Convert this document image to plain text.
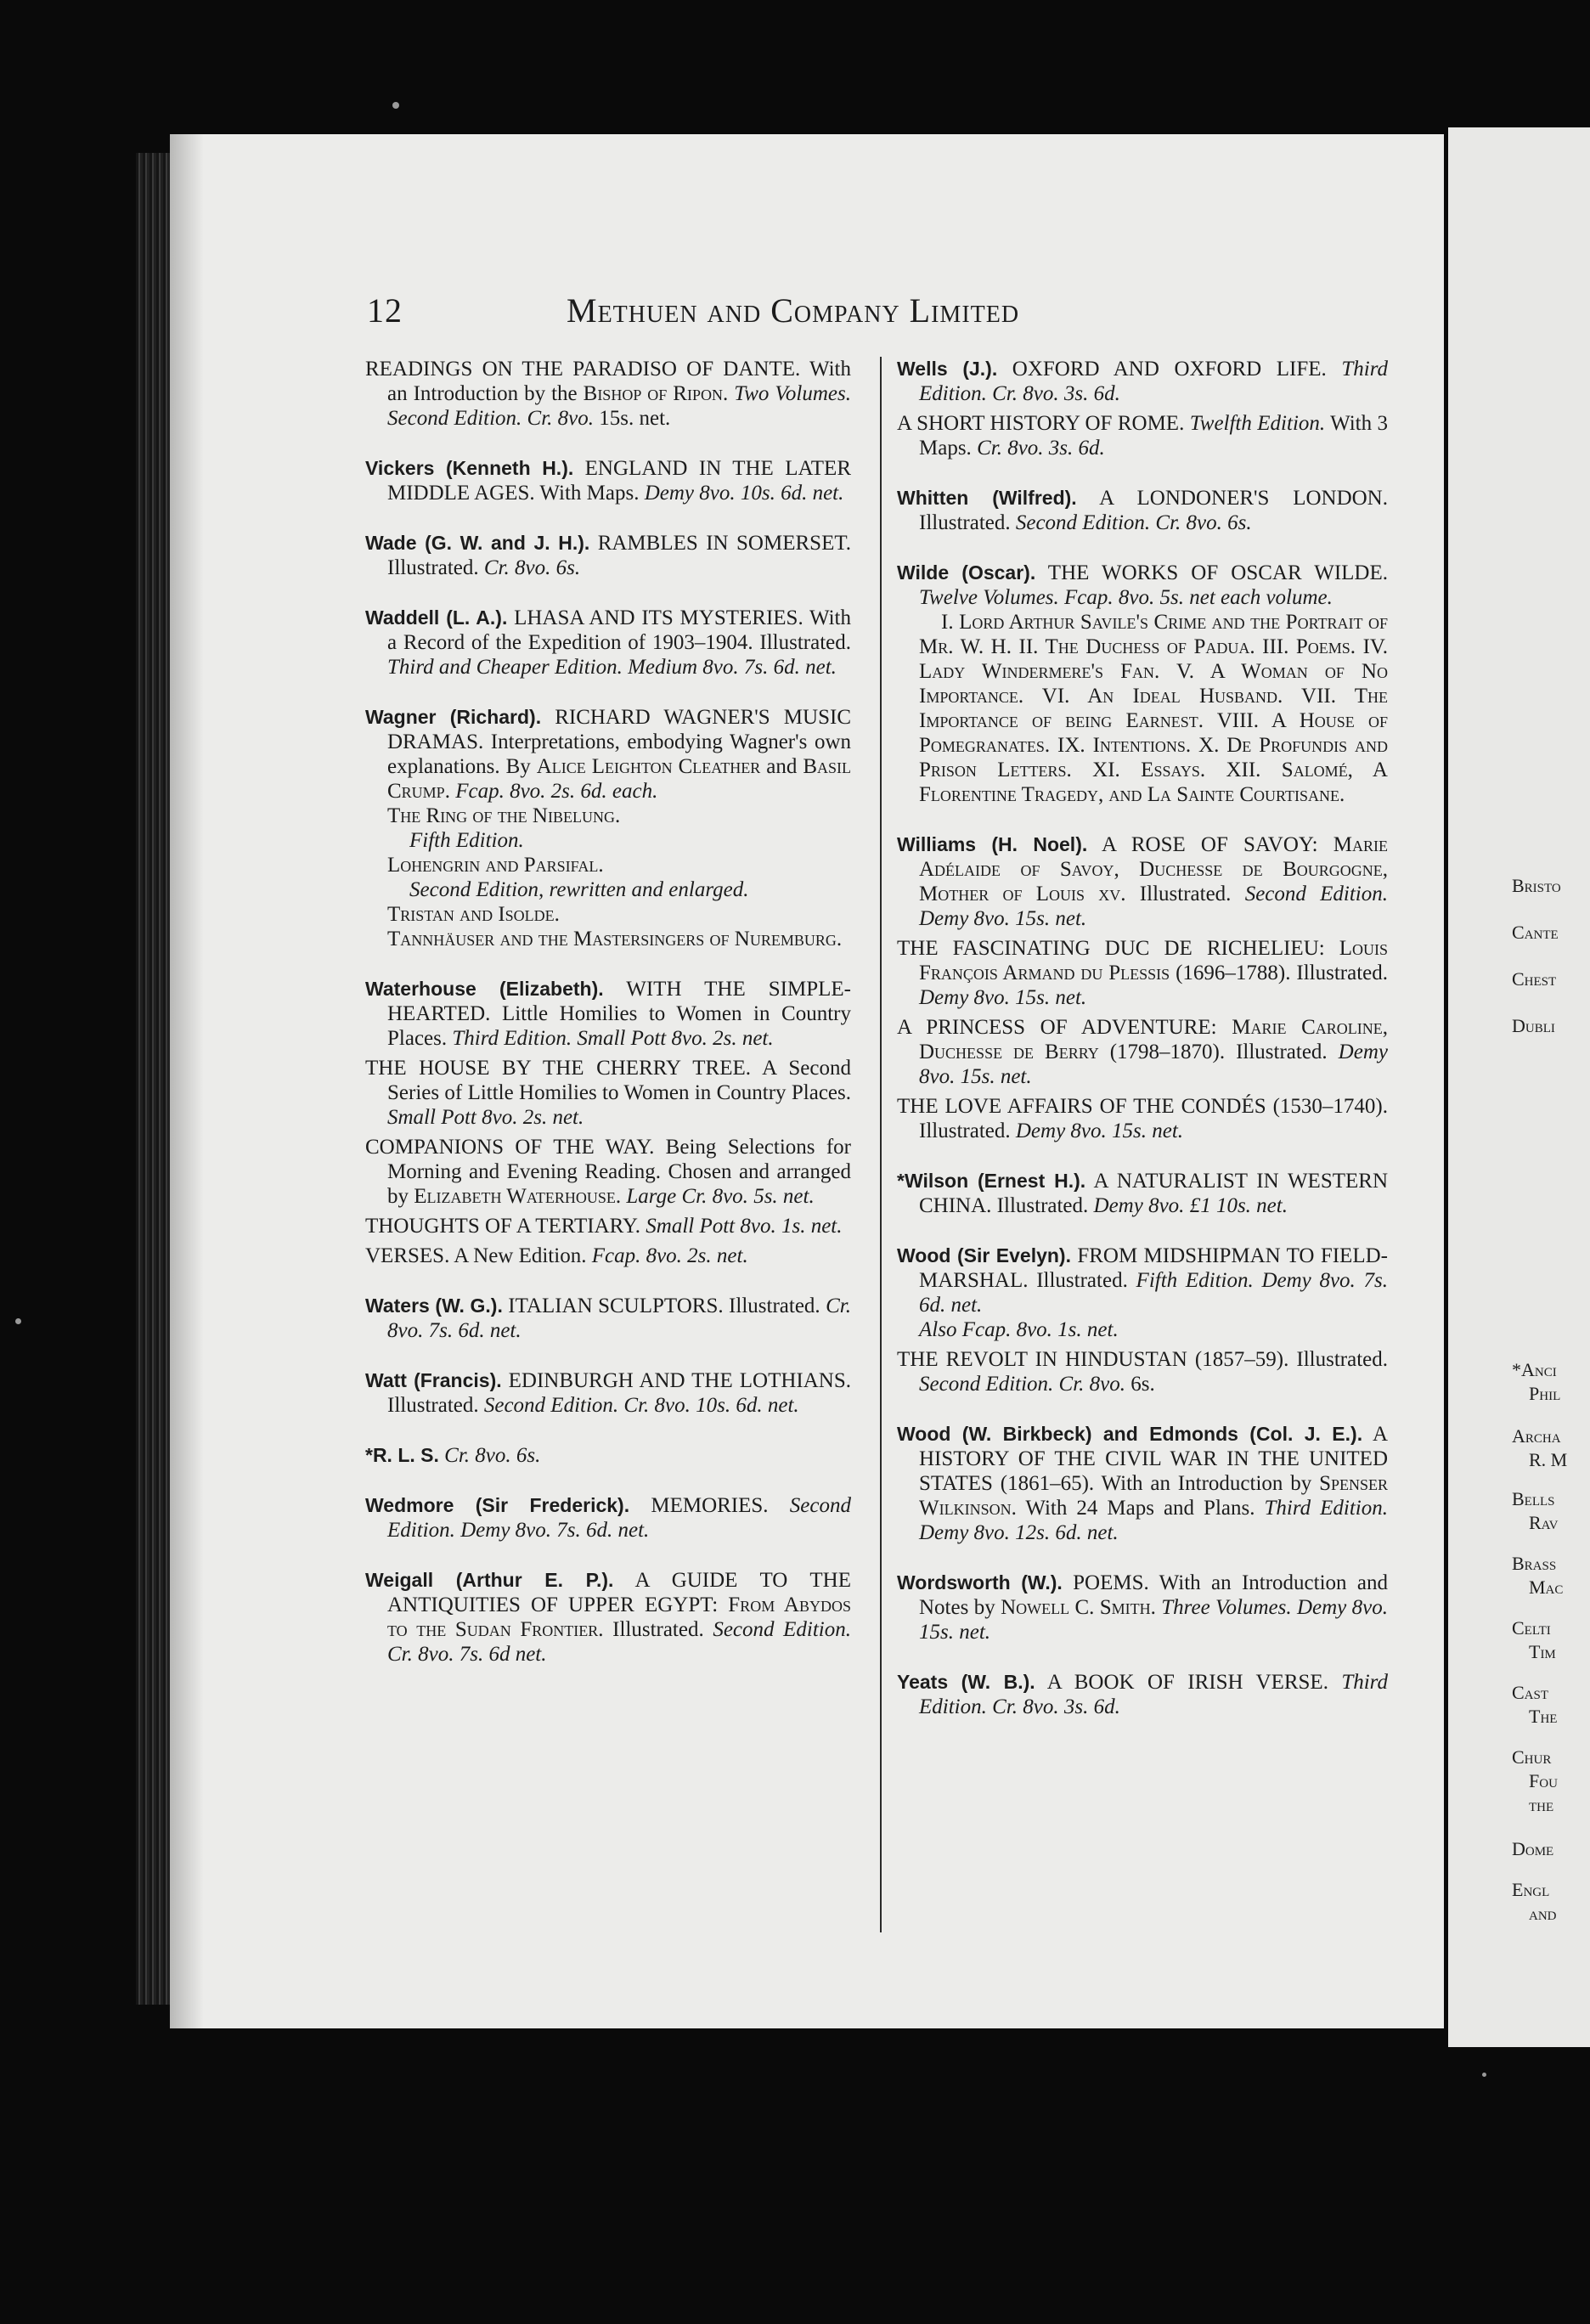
12	Methuen and Company Limited

READINGS ON THE PARADISO OF DANTE. With an Introduction by the Bishop of Ripon. Two Volumes. Second Edition. Cr. 8vo. 15s. net.

Vickers (Kenneth H.). ENGLAND IN THE LATER MIDDLE AGES. With Maps. Demy 8vo. 10s. 6d. net.

Wade (G. W. and J. H.). RAMBLES IN SOMERSET. Illustrated. Cr. 8vo. 6s.

Waddell (L. A.). LHASA AND ITS MYSTERIES. With a Record of the Expedition of 1903–1904. Illustrated. Third and Cheaper Edition. Medium 8vo. 7s. 6d. net.

Wagner (Richard). RICHARD WAGNER'S MUSIC DRAMAS. Interpretations, embodying Wagner's own explanations. By Alice Leighton Cleather and Basil Crump. Fcap. 8vo. 2s. 6d. each.

The Ring of the Nibelung.
Fifth Edition.
Lohengrin and Parsifal.
Second Edition, rewritten and enlarged.
Tristan and Isolde.
Tannhäuser and the Mastersingers of Nuremburg.

Waterhouse (Elizabeth). WITH THE SIMPLE-HEARTED. Little Homilies to Women in Country Places. Third Edition. Small Pott 8vo. 2s. net.

THE HOUSE BY THE CHERRY TREE. A Second Series of Little Homilies to Women in Country Places. Small Pott 8vo. 2s. net.

COMPANIONS OF THE WAY. Being Selections for Morning and Evening Reading. Chosen and arranged by Elizabeth Waterhouse. Large Cr. 8vo. 5s. net.

THOUGHTS OF A TERTIARY. Small Pott 8vo. 1s. net.

VERSES. A New Edition. Fcap. 8vo. 2s. net.

Waters (W. G.). ITALIAN SCULPTORS. Illustrated. Cr. 8vo. 7s. 6d. net.

Watt (Francis). EDINBURGH AND THE LOTHIANS. Illustrated. Second Edition. Cr. 8vo. 10s. 6d. net.

*R. L. S. Cr. 8vo. 6s.

Wedmore (Sir Frederick). MEMORIES. Second Edition. Demy 8vo. 7s. 6d. net.

Weigall (Arthur E. P.). A GUIDE TO THE ANTIQUITIES OF UPPER EGYPT: From Abydos to the Sudan Frontier. Illustrated. Second Edition. Cr. 8vo. 7s. 6d net.

Wells (J.). OXFORD AND OXFORD LIFE. Third Edition. Cr. 8vo. 3s. 6d.

A SHORT HISTORY OF ROME. Twelfth Edition. With 3 Maps. Cr. 8vo. 3s. 6d.

Whitten (Wilfred). A LONDONER'S LONDON. Illustrated. Second Edition. Cr. 8vo. 6s.

Wilde (Oscar). THE WORKS OF OSCAR WILDE. Twelve Volumes. Fcap. 8vo. 5s. net each volume.

I. Lord Arthur Savile's Crime and the Portrait of Mr. W. H. II. The Duchess of Padua. III. Poems. IV. Lady Windermere's Fan. V. A Woman of No Importance. VI. An Ideal Husband. VII. The Importance of being Earnest. VIII. A House of Pomegranates. IX. Intentions. X. De Profundis and Prison Letters. XI. Essays. XII. Salomé, A Florentine Tragedy, and La Sainte Courtisane.

Williams (H. Noel). A ROSE OF SAVOY: Marie Adélaide of Savoy, Duchesse de Bourgogne, Mother of Louis xv. Illustrated. Second Edition. Demy 8vo. 15s. net.

THE FASCINATING DUC DE RICHELIEU: Louis François Armand du Plessis (1696–1788). Illustrated. Demy 8vo. 15s. net.

A PRINCESS OF ADVENTURE: Marie Caroline, Duchesse de Berry (1798–1870). Illustrated. Demy 8vo. 15s. net.

THE LOVE AFFAIRS OF THE CONDÉS (1530–1740). Illustrated. Demy 8vo. 15s. net.

*Wilson (Ernest H.). A NATURALIST IN WESTERN CHINA. Illustrated. Demy 8vo. £1 10s. net.

Wood (Sir Evelyn). FROM MIDSHIPMAN TO FIELD-MARSHAL. Illustrated. Fifth Edition. Demy 8vo. 7s. 6d. net.

Also Fcap. 8vo. 1s. net.

THE REVOLT IN HINDUSTAN (1857–59). Illustrated. Second Edition. Cr. 8vo. 6s.

Wood (W. Birkbeck) and Edmonds (Col. J. E.). A HISTORY OF THE CIVIL WAR IN THE UNITED STATES (1861–65). With an Introduction by Spenser Wilkinson. With 24 Maps and Plans. Third Edition. Demy 8vo. 12s. 6d. net.

Wordsworth (W.). POEMS. With an Introduction and Notes by Nowell C. Smith. Three Volumes. Demy 8vo. 15s. net.

Yeats (W. B.). A BOOK OF IRISH VERSE. Third Edition. Cr. 8vo. 3s. 6d.

Bristo
Cante
Chest
Dubli
*Anci
Phil
Archa
R. M
Bells
Rav
Brass
Mac
Celti
Tim
Cast
The
Chur
Fou
the
Dome
Engl
and
